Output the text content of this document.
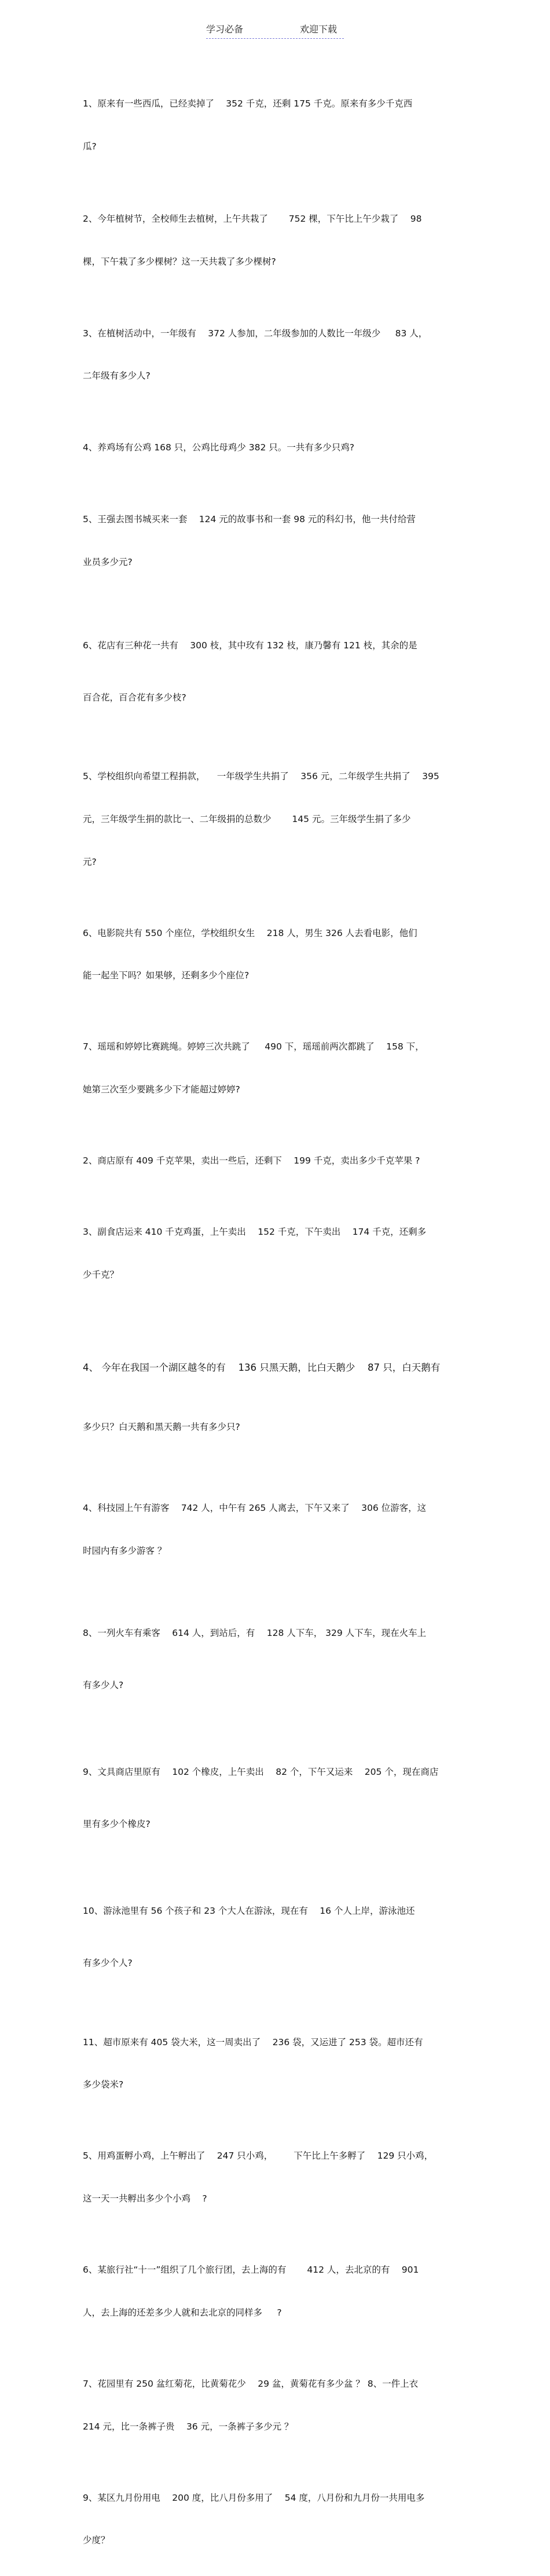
学习必备	欢迎下载

1、原来有一些西瓜，已经卖掉了 　352 千克，还剩 175 千克。原来有多少千克西

瓜?

2、今年植树节，全校师生去植树，上午共栽了 　　752 棵，下午比上午少栽了 　98

棵，下午栽了多少棵树？这一天共栽了多少棵树?

3、在植树活动中，一年级有 　372 人参加，二年级参加的人数比一年级少 　 83 人，

二年级有多少人?

4、养鸡场有公鸡 168 只，公鸡比母鸡少 382 只。一共有多少只鸡?

5、王强去图书城买来一套 　124 元的故事书和一套 98 元的科幻书，他一共付给营

业员多少元?

6、花店有三种花一共有 　300 枝，其中玫有 132 枝，康乃馨有 121 枝，其余的是

百合花，百合花有多少枝?

5、学校组织向希望工程捐款， 　一年级学生共捐了 　356 元，二年级学生共捐了 　395

元，三年级学生捐的款比一、二年级捐的总数少 　　145 元。三年级学生捐了多少

元?

6、电影院共有 550 个座位，学校组织女生 　218 人，男生 326 人去看电影，他们

能一起坐下吗？如果够，还剩多少个座位?

7、瑶瑶和婷婷比赛跳绳。婷婷三次共跳了 　 490 下，瑶瑶前两次都跳了 　158 下，

她第三次至少要跳多少下才能超过婷婷?

2、商店原有 409 千克苹果，卖出一些后，还剩下 　199 千克，卖出多少千克苹果 ?

3、副食店运来 410 千克鸡蛋，上午卖出 　152 千克，下午卖出 　174 千克，还剩多

少千克？

4、 今年在我国一个湖区越冬的有 　136 只黑天鹅，比白天鹅少 　87 只，白天鹅有

多少只？白天鹅和黑天鹅一共有多少只?

4、科技园上午有游客 　742 人，中午有 265 人离去，下午又来了 　306 位游客，这

时园内有多少游客 ？

8、一列火车有乘客 　614 人，到站后，有 　128 人下车， 329 人下车，现在火车上

有多少人?

9、文具商店里原有 　102 个橡皮，上午卖出 　82 个，下午又运来 　205 个，现在商店

里有多少个橡皮?

10、游泳池里有 56 个孩子和 23 个大人在游泳，现在有 　16 个人上岸，游泳池还

有多少个人?

11、超市原来有 405 袋大米，这一周卖出了 　236 袋，又运进了 253 袋。超市还有

多少袋米?

5、用鸡蛋孵小鸡，上午孵出了 　247 只小鸡， 　　下午比上午多孵了 　129 只小鸡，

这一天一共孵出多少个小鸡 　?

6、某旅行社“十一”组织了几个旅行团，去上海的有 　　412 人，去北京的有 　901

人，去上海的还差多少人就和去北京的同样多 　 ?

7、花园里有 250 盆红菊花，比黄菊花少 　29 盆，黄菊花有多少盆 ？ 8、一件上衣

214 元，比一条裤子贵 　36 元，一条裤子多少元 ？

9、某区九月份用电 　200 度，比八月份多用了 　54 度，八月份和九月份一共用电多

少度？
